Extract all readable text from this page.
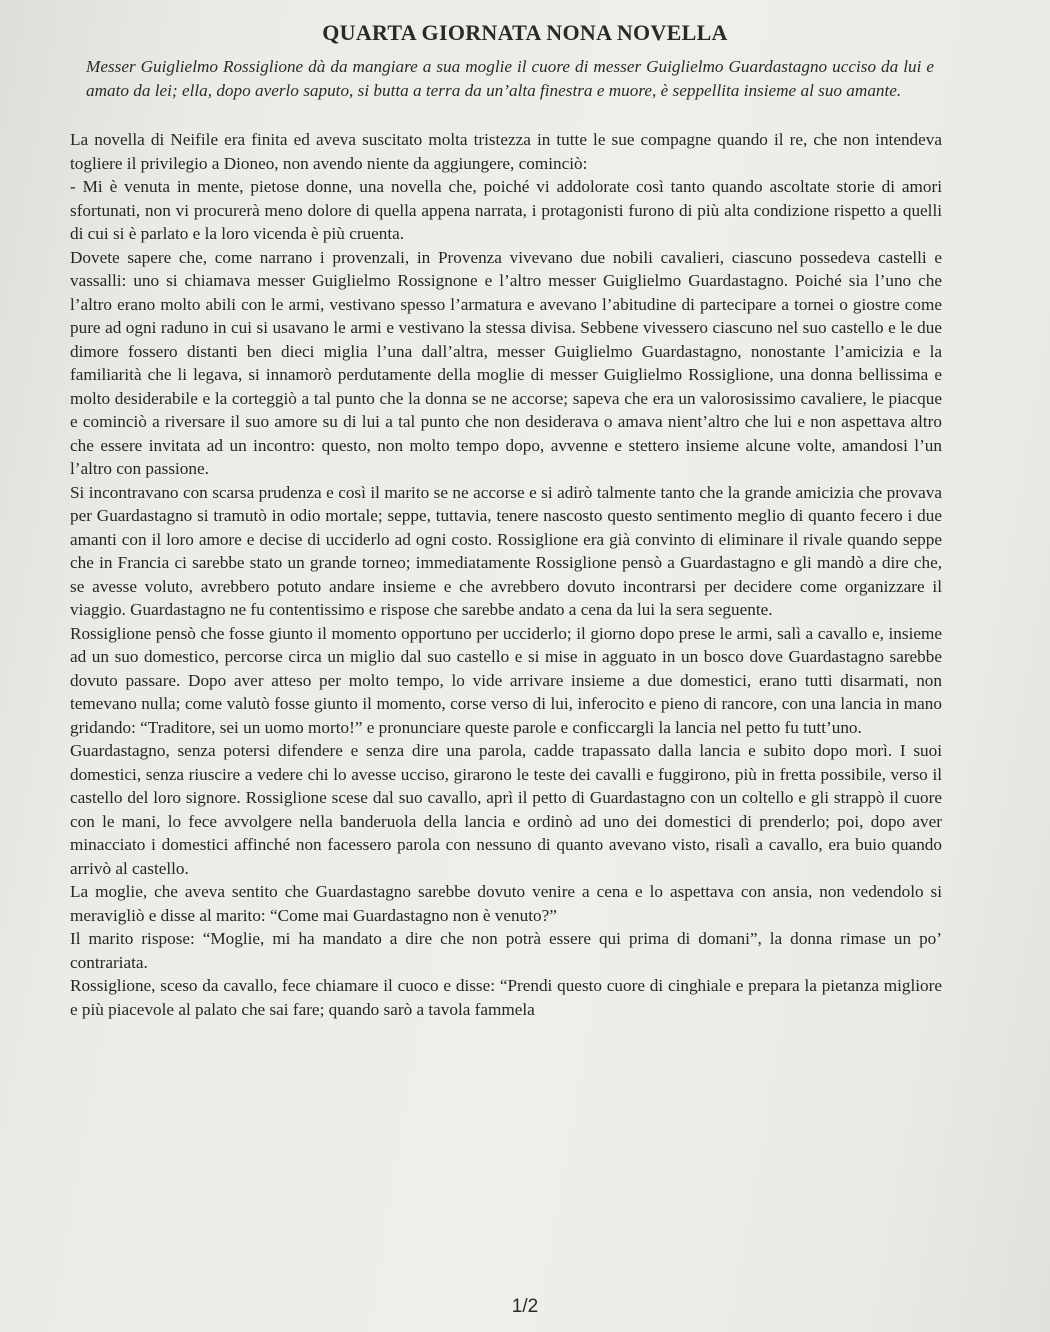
QUARTA GIORNATA NONA NOVELLA
Messer Guiglielmo Rossiglione dà da mangiare a sua moglie il cuore di messer Guiglielmo Guardastagno ucciso da lui e amato da lei; ella, dopo averlo saputo, si butta a terra da un’alta finestra e muore, è seppellita insieme al suo amante.

La novella di Neifile era finita ed aveva suscitato molta tristezza in tutte le sue compagne quando il re, che non intendeva togliere il privilegio a Dioneo, non avendo niente da aggiungere, cominciò:

- Mi è venuta in mente, pietose donne, una novella che, poiché vi addolorate così tanto quando ascoltate storie di amori sfortunati, non vi procurerà meno dolore di quella appena narrata, i protagonisti furono di più alta condizione rispetto a quelli di cui si è parlato e la loro vicenda è più cruenta.

Dovete sapere che, come narrano i provenzali, in Provenza vivevano due nobili cavalieri, ciascuno possedeva castelli e vassalli: uno si chiamava messer Guiglielmo Rossignone e l’altro messer Guiglielmo Guardastagno. Poiché sia l’uno che l’altro erano molto abili con le armi, vestivano spesso l’armatura e avevano l’abitudine di partecipare a tornei o giostre come pure ad ogni raduno in cui si usavano le armi e vestivano la stessa divisa. Sebbene vivessero ciascuno nel suo castello e le due dimore fossero distanti ben dieci miglia l’una dall’altra, messer Guiglielmo Guardastagno, nonostante l’amicizia e la familiarità che li legava, si innamorò perdutamente della moglie di messer Guiglielmo Rossiglione, una donna bellissima e molto desiderabile e la corteggiò a tal punto che la donna se ne accorse; sapeva che era un valorosissimo cavaliere, le piacque e cominciò a riversare il suo amore su di lui a tal punto che non desiderava o amava nient’altro che lui e non aspettava altro che essere invitata ad un incontro: questo, non molto tempo dopo, avvenne e stettero insieme alcune volte, amandosi l’un l’altro con passione.

Si incontravano con scarsa prudenza e così il marito se ne accorse e si adirò talmente tanto che la grande amicizia che provava per Guardastagno si tramutò in odio mortale; seppe, tuttavia, tenere nascosto questo sentimento meglio di quanto fecero i due amanti con il loro amore e decise di ucciderlo ad ogni costo. Rossiglione era già convinto di eliminare il rivale quando seppe che in Francia ci sarebbe stato un grande torneo; immediatamente Rossiglione pensò a Guardastagno e gli mandò a dire che, se avesse voluto, avrebbero potuto andare insieme e che avrebbero dovuto incontrarsi per decidere come organizzare il viaggio. Guardastagno ne fu contentissimo e rispose che sarebbe andato a cena da lui la sera seguente.

Rossiglione pensò che fosse giunto il momento opportuno per ucciderlo; il giorno dopo prese le armi, salì a cavallo e, insieme ad un suo domestico, percorse circa un miglio dal suo castello e si mise in agguato in un bosco dove Guardastagno sarebbe dovuto passare. Dopo aver atteso per molto tempo, lo vide arrivare insieme a due domestici, erano tutti disarmati, non temevano nulla; come valutò fosse giunto il momento, corse verso di lui, inferocito e pieno di rancore, con una lancia in mano gridando: “Traditore, sei un uomo morto!” e pronunciare queste parole e conficcargli la lancia nel petto fu tutt’uno.

Guardastagno, senza potersi difendere e senza dire una parola, cadde trapassato dalla lancia e subito dopo morì. I suoi domestici, senza riuscire a vedere chi lo avesse ucciso, girarono le teste dei cavalli e fuggirono, più in fretta possibile, verso il castello del loro signore. Rossiglione scese dal suo cavallo, aprì il petto di Guardastagno con un coltello e gli strappò il cuore con le mani, lo fece avvolgere nella banderuola della lancia e ordinò ad uno dei domestici di prenderlo; poi, dopo aver minacciato i domestici affinché non facessero parola con nessuno di quanto avevano visto, risalì a cavallo, era buio quando arrivò al castello.

La moglie, che aveva sentito che Guardastagno sarebbe dovuto venire a cena e lo aspettava con ansia, non vedendolo si meravigliò e disse al marito: “Come mai Guardastagno non è venuto?”

Il marito rispose: “Moglie, mi ha mandato a dire che non potrà essere qui prima di domani”, la donna rimase un po’ contrariata.

Rossiglione, sceso da cavallo, fece chiamare il cuoco e disse: “Prendi questo cuore di cinghiale e prepara la pietanza migliore e più piacevole al palato che sai fare; quando sarò a tavola fammela

1/2
